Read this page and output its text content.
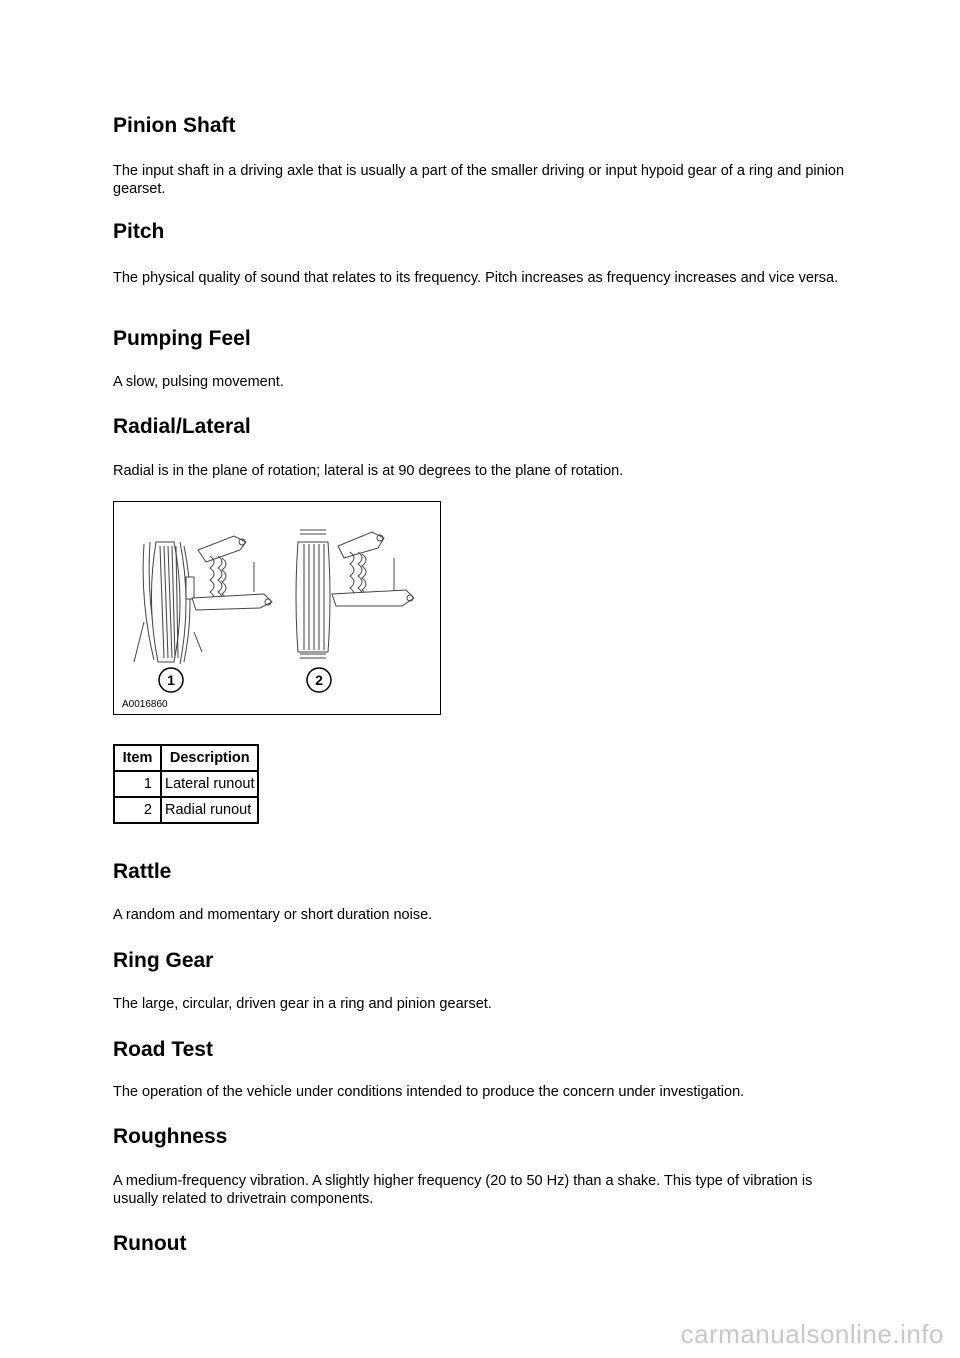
Pinion Shaft

The input shaft in a driving axle that is usually a part of the smaller driving or input hypoid gear of a ring and pinion gearset.

Pitch

The physical quality of sound that relates to its frequency. Pitch increases as frequency increases and vice versa.

Pumping Feel

A slow, pulsing movement.

Radial/Lateral

Radial is in the plane of rotation; lateral is at 90 degrees to the plane of rotation.

1	2
A0016860
Item	Description
1	Lateral runout
2	Radial runout
Rattle

A random and momentary or short duration noise.

Ring Gear

The large, circular, driven gear in a ring and pinion gearset.

Road Test

The operation of the vehicle under conditions intended to produce the concern under investigation.

Roughness

A medium-frequency vibration. A slightly higher frequency (20 to 50 Hz) than a shake. This type of vibration is usually related to drivetrain components.

Runout
carmanualsonline.info
